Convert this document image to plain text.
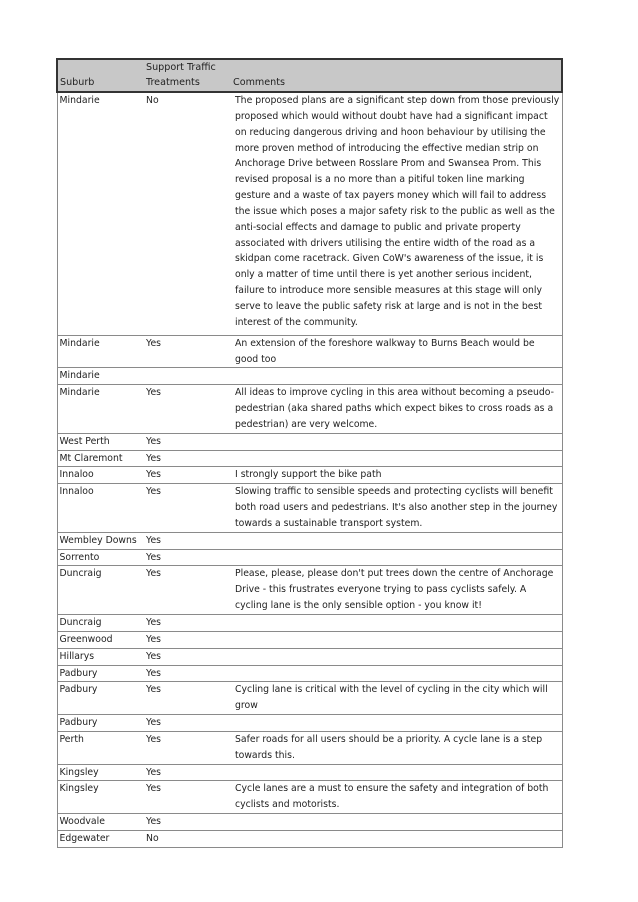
Suburb	Support Traffic Treatments	Comments
Mindarie	No	The proposed plans are a significant step down from those previously proposed which would without doubt have had a significant impact on reducing dangerous driving and hoon behaviour by utilising the more proven method of introducing the effective median strip on Anchorage Drive between Rosslare Prom and Swansea Prom. This revised proposal is a no more than a pitiful token line marking gesture and a waste of tax payers money which will fail to address the issue which poses a major safety risk to the public as well as the anti-social effects and damage to public and private property associated with drivers utilising the entire width of the road as a skidpan come racetrack. Given CoW's awareness of the issue, it is only a matter of time until there is yet another serious incident, failure to introduce more sensible measures at this stage will only serve to leave the public safety risk at large and is not in the best interest of the community.
Mindarie	Yes	An extension of the foreshore walkway to Burns Beach would be good too
Mindarie		
Mindarie	Yes	All ideas to improve cycling in this area without becoming a pseudo-pedestrian (aka shared paths which expect bikes to cross roads as a pedestrian) are very welcome.
West Perth	Yes	
Mt Claremont	Yes	
Innaloo	Yes	I strongly support the bike path
Innaloo	Yes	Slowing traffic to sensible speeds and protecting cyclists will benefit both road users and pedestrians. It's also another step in the journey towards a sustainable transport system.
Wembley Downs	Yes	
Sorrento	Yes	
Duncraig	Yes	Please, please, please don't put trees down the centre of Anchorage Drive - this frustrates everyone trying to pass cyclists safely. A cycling lane is the only sensible option - you know it!
Duncraig	Yes	
Greenwood	Yes	
Hillarys	Yes	
Padbury	Yes	
Padbury	Yes	Cycling lane is critical with the level of cycling in the city which will grow
Padbury	Yes	
Perth	Yes	Safer roads for all users should be a priority. A cycle lane is a step towards this.
Kingsley	Yes	
Kingsley	Yes	Cycle lanes are a must to ensure the safety and integration of both cyclists and motorists.
Woodvale	Yes	
Edgewater	No	
